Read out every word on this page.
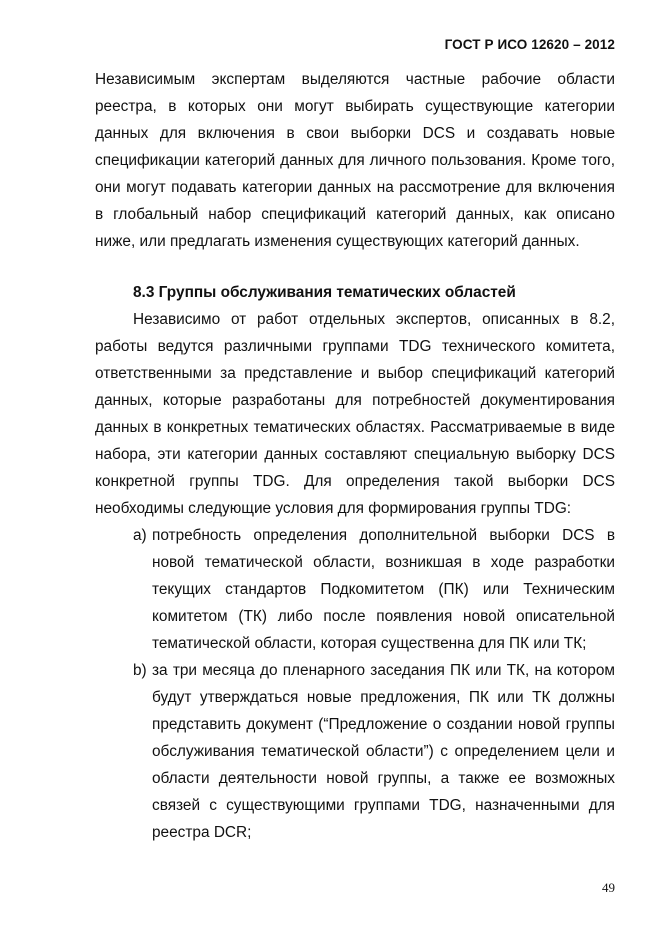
ГОСТ Р ИСО 12620 – 2012

Независимым экспертам выделяются частные рабочие области реестра, в которых они могут выбирать существующие категории данных для включения в свои выборки DCS и создавать новые спецификации категорий данных для личного пользования. Кроме того, они могут подавать категории данных на рассмотрение для включения в глобальный набор спецификаций категорий данных, как описано ниже, или предлагать изменения существующих категорий данных.

8.3 Группы обслуживания тематических областей

Независимо от работ отдельных экспертов, описанных в 8.2, работы ведутся различными группами TDG технического комитета, ответственными за представление и выбор спецификаций категорий данных, которые разработаны для потребностей документирования данных в конкретных тематических областях. Рассматриваемые в виде набора, эти категории данных составляют специальную выборку DCS конкретной группы TDG. Для определения такой выборки DCS необходимы следующие условия для формирования группы TDG:

a) потребность определения дополнительной выборки DCS в новой тематической области, возникшая в ходе разработки текущих стандартов Подкомитетом (ПК) или Техническим комитетом (ТК) либо после появления новой описательной тематической области, которая существенна для ПК или ТК;
b) за три месяца до пленарного заседания ПК или ТК, на котором будут утверждаться новые предложения, ПК или ТК должны представить документ (“Предложение о создании новой группы обслуживания тематической области”) с определением цели и области деятельности новой группы, а также ее возможных связей с существующими группами TDG, назначенными для реестра DCR;
49
